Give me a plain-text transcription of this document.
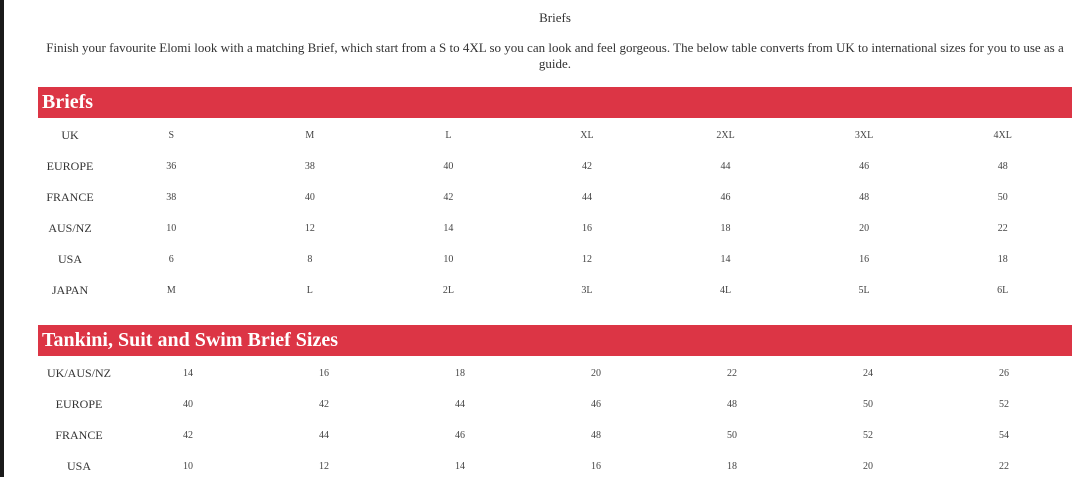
Briefs
Finish your favourite Elomi look with a matching Brief, which start from a S to 4XL so you can look and feel gorgeous. The below table converts from UK to international sizes for you to use as a guide.
Briefs
UK	S	M	L	XL	2XL	3XL	4XL
EUROPE	36	38	40	42	44	46	48
FRANCE	38	40	42	44	46	48	50
AUS/NZ	10	12	14	16	18	20	22
USA	6	8	10	12	14	16	18
JAPAN	M	L	2L	3L	4L	5L	6L
Tankini, Suit and Swim Brief Sizes
UK/AUS/NZ	14	16	18	20	22	24	26
EUROPE	40	42	44	46	48	50	52
FRANCE	42	44	46	48	50	52	54
USA	10	12	14	16	18	20	22
